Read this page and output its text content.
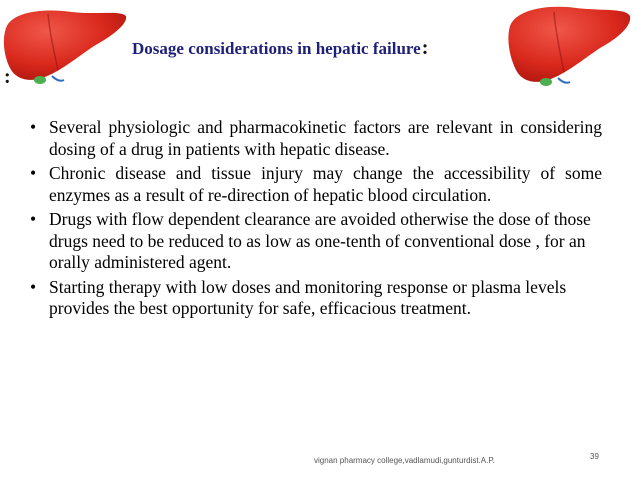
Dosage considerations in hepatic failure:
:
• Several physiologic and pharmacokinetic factors are relevant in considering dosing of a drug in patients with hepatic disease.
• Chronic disease and tissue injury may change the accessibility of some enzymes as a result of re-direction of hepatic blood circulation.
• Drugs with flow dependent clearance are avoided otherwise the dose of those drugs need to be reduced to as low as one-tenth of conventional dose , for an orally administered agent.
• Starting therapy with low doses and monitoring response or plasma levels provides the best opportunity for safe, efficacious treatment.
vignan pharmacy college,vadlamudi,gunturdist.A.P.	39
